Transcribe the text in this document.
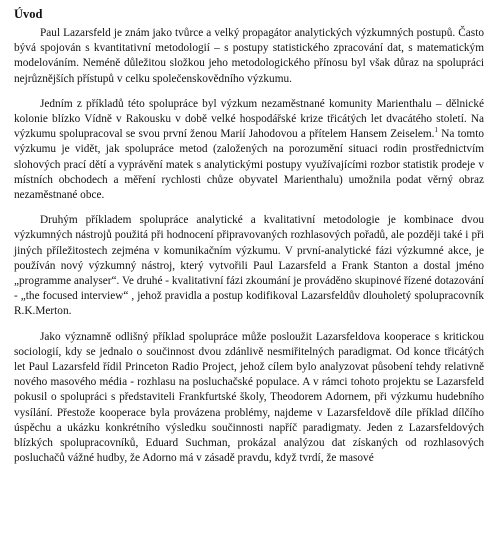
Úvod

Paul Lazarsfeld je znám jako tvůrce a velký propagátor analytických výzkumných postupů. Často bývá spojován s kvantitativní metodologií – s postupy statistického zpracování dat, s matematickým modelováním. Neméně důležitou složkou jeho metodologického přínosu byl však důraz na spolupráci nejrůznějších přístupů v celku společenskovědního výzkumu.

Jedním z příkladů této spolupráce byl výzkum nezaměstnané komunity Marienthalu – dělnické kolonie blízko Vídně v Rakousku v době velké hospodářské krize třicátých let dvacátého století. Na výzkumu spolupracoval se svou první ženou Marií Jahodovou a přítelem Hansem Zeiselem.$^1$ Na tomto výzkumu je vidět, jak spolupráce metod (založených na porozumění situaci rodin prostřednictvím slohových prací dětí a vyprávění matek s analytickými postupy využívajícími rozbor statistik prodeje v místních obchodech a měření rychlosti chůze obyvatel Marienthalu) umožnila podat věrný obraz nezaměstnané obce.

Druhým příkladem spolupráce analytické a kvalitativní metodologie je kombinace dvou výzkumných nástrojů použitá při hodnocení připravovaných rozhlasových pořadů, ale později také i při jiných příležitostech zejména v komunikačním výzkumu. V první-analytické fázi výzkumné akce, je používán nový výzkumný nástroj, který vytvořili Paul Lazarsfeld a Frank Stanton a dostal jméno „programme analyser“. Ve druhé - kvalitativní fázi zkoumání je prováděno skupinové řízené dotazování - „the focused interview“ , jehož pravidla a postup kodifikoval Lazarsfeldův dlouholetý spolupracovník R.K.Merton.

Jako významně odlišný příklad spolupráce může posloužit Lazarsfeldova kooperace s kritickou sociologií, kdy se jednalo o součinnost dvou zdánlivě nesmiřitelných paradigmat. Od konce třicátých let Paul Lazarsfeld řídil Princeton Radio Project, jehož cílem bylo analyzovat působení tehdy relativně nového masového média - rozhlasu na posluchačské populace. A v rámci tohoto projektu se Lazarsfeld pokusil o spolupráci s představiteli Frankfurtské školy, Theodorem Adornem, při výzkumu hudebního vysílání. Přestože kooperace byla provázena problémy, najdeme v Lazarsfeldově díle příklad dílčího úspěchu a ukázku konkrétního výsledku součinnosti napříč paradigmaty. Jeden z Lazarsfeldových blízkých spolupracovníků, Eduard Suchman, prokázal analýzou dat získaných od rozhlasových posluchačů vážné hudby, že Adorno má v zásadě pravdu, když tvrdí, že masové
